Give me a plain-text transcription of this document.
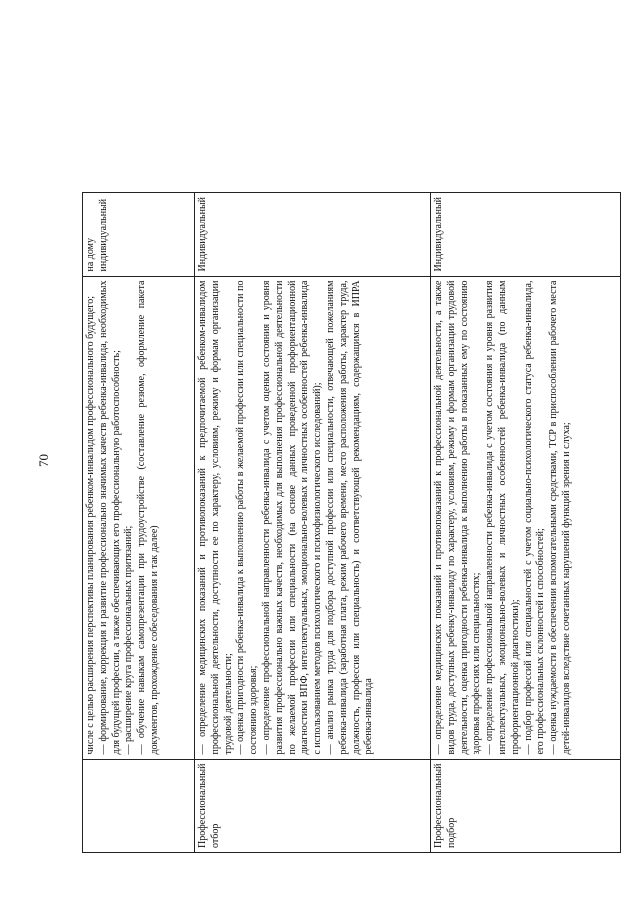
70

	числе с целью расширения перспективы планирования ребенком-инвалидом профессионального будущего; — формирование, коррекция и развитие профессионально значимых качеств ребенка-инвалида, необходимых для будущей профессии, а также обеспечивающих его профессиональную работоспособность; — расширение круга профессиональных притязаний; — обучение навыкам самопрезентации при трудоустройстве (составление резюме, оформление пакета документов, прохождение собеседования и так далее)	на дому индивидуальный
Профессиональный отбор	— определение медицинских показаний и противопоказаний к предпочитаемой ребенком-инвалидом профессиональной деятельности, доступности ее по характеру, условиям, режиму и формам организации трудовой деятельности; — оценка пригодности ребенка-инвалида к выполнению работы в желаемой профессии или специальности по состоянию здоровья; — определение профессиональной направленности ребенка-инвалида с учетом оценки состояния и уровня развития профессионально важных качеств, необходимых для выполнения профессиональной деятельности по желаемой профессии или специальности (на основе данных проведенной профориентационной диагностики ВПФ, интеллектуальных, эмоционально-волевых и личностных особенностей ребенка-инвалида с использованием методов психологического и психофизиологического исследований); — анализ рынка труда для подбора доступной профессии или специальности, отвечающей пожеланиям ребенка-инвалида (заработная плата, режим рабочего времени, место расположения работы, характер труда, должность, профессия или специальность) и соответствующей рекомендациям, содержащимся в ИПРА ребенка-инвалида	Индивидуальный
Профессиональный подбор	— определение медицинских показаний и противопоказаний к профессиональной деятельности, а также видов труда, доступных ребенку-инвалиду по характеру, условиям, режиму и формам организации трудовой деятельности, оценка пригодности ребенка-инвалида к выполнению работы в показанных ему по состоянию здоровья профессиях или специальностях; — определение профессиональной направленности ребенка-инвалида с учетом состояния и уровня развития интеллектуальных, эмоционально-волевых и личностных особенностей ребенка-инвалида (по данным профориентационной диагностики); — подбор профессий или специальностей с учетом социально-психологического статуса ребенка-инвалида, его профессиональных склонностей и способностей; — оценка нуждаемости в обеспечении вспомогательными средствами, ТСР в приспособлении рабочего места детей-инвалидов вследствие сочетанных нарушений функций зрения и слуха;	Индивидуальный
